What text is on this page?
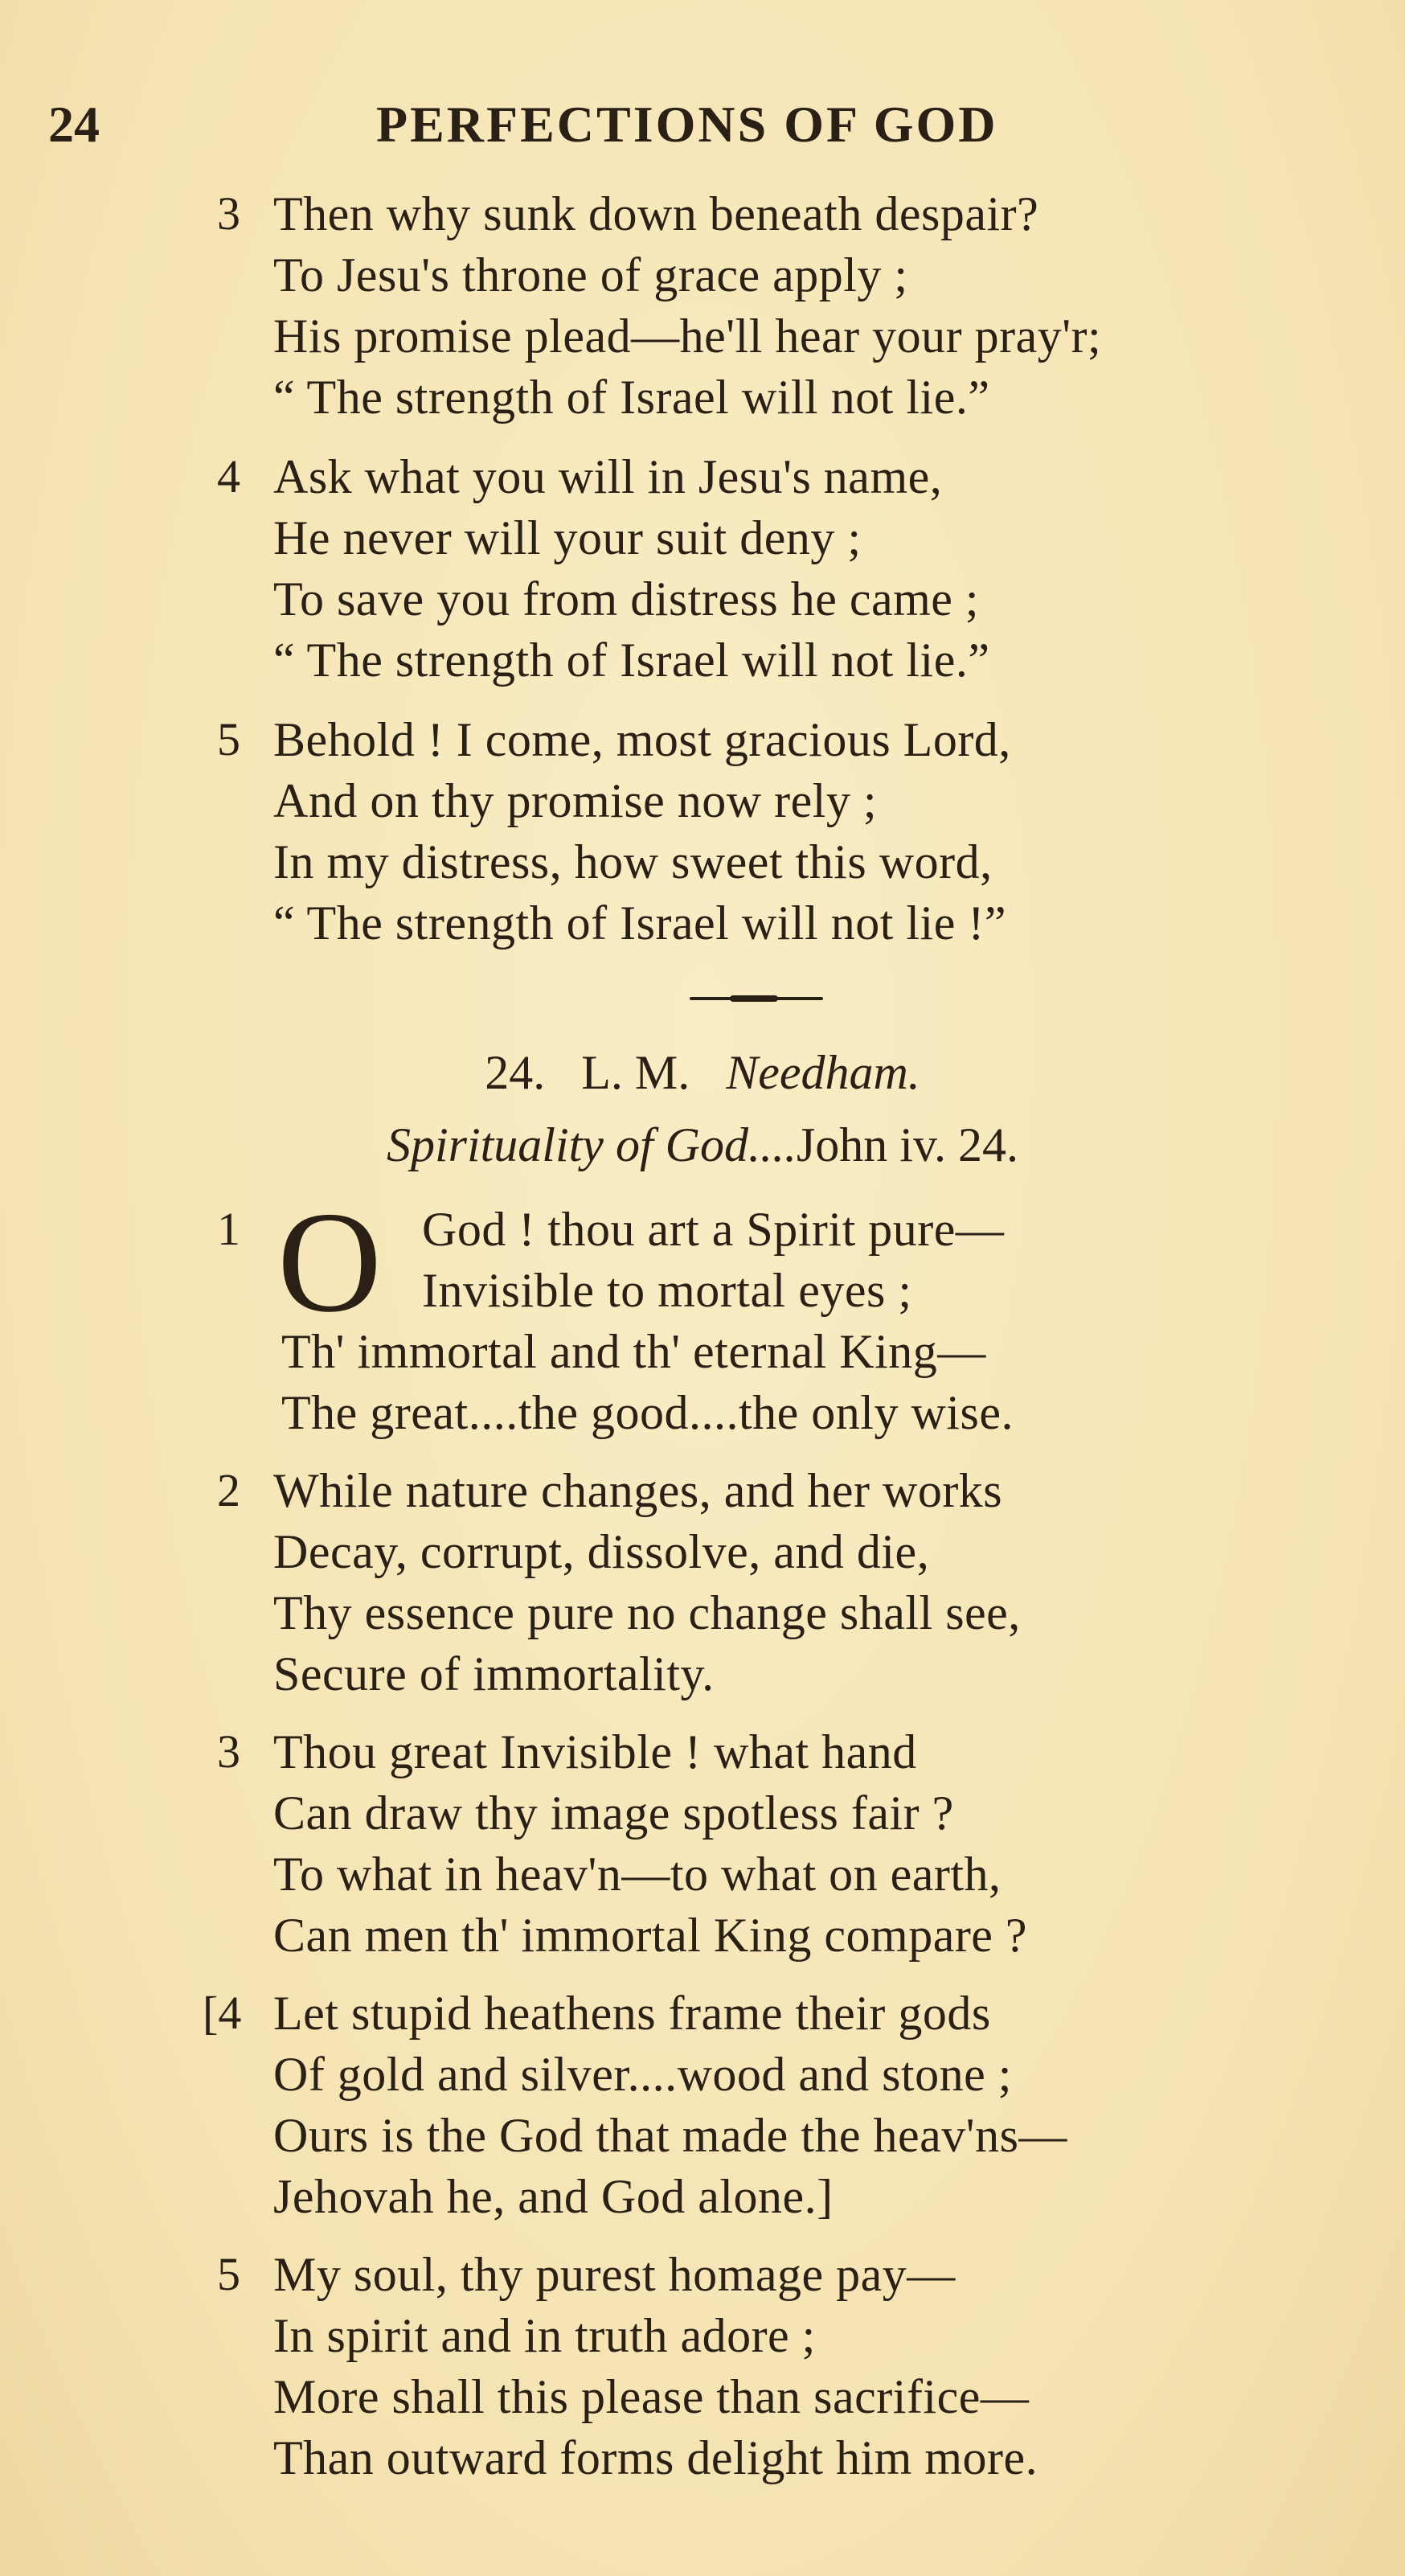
24	PERFECTIONS OF GOD
3 Then why sunk down beneath despair?
To Jesu's throne of grace apply ;
His promise plead—he'll hear your pray'r;
“ The strength of Israel will not lie.”
4 Ask what you will in Jesu's name,
He never will your suit deny ;
To save you from distress he came ;
“ The strength of Israel will not lie.”
5 Behold ! I come, most gracious Lord,
And on thy promise now rely ;
In my distress, how sweet this word,
“ The strength of Israel will not lie !”
24. L. M. Needham.
Spirituality of God....John iv. 24.
1 O God ! thou art a Spirit pure—
Invisible to mortal eyes ;
Th' immortal and th' eternal King—
The great....the good....the only wise.
2 While nature changes, and her works
Decay, corrupt, dissolve, and die,
Thy essence pure no change shall see,
Secure of immortality.
3 Thou great Invisible ! what hand
Can draw thy image spotless fair ?
To what in heav'n—to what on earth,
Can men th' immortal King compare ?
[4 Let stupid heathens frame their gods
Of gold and silver....wood and stone ;
Ours is the God that made the heav'ns—
Jehovah he, and God alone.]
5 My soul, thy purest homage pay—
In spirit and in truth adore ;
More shall this please than sacrifice—
Than outward forms delight him more.
